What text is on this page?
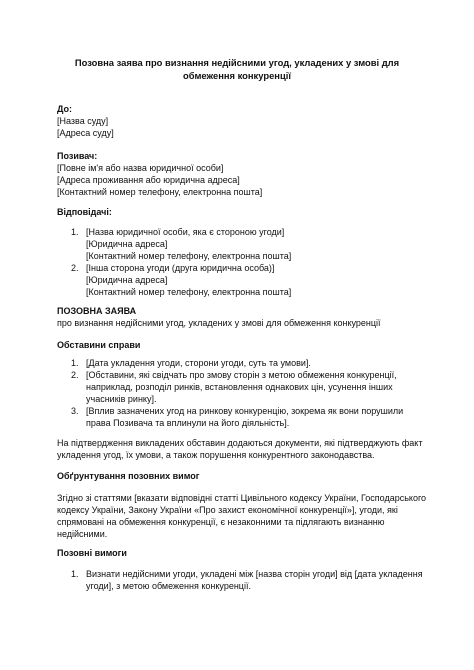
Позовна заява про визнання недійсними угод, укладених у змові для
обмеження конкуренції
До:
[Назва суду]
[Адреса суду]
Позивач:
[Повне ім'я або назва юридичної особи]
[Адреса проживання або юридична адреса]
[Контактний номер телефону, електронна пошта]
Відповідачі:
1. [Назва юридичної особи, яка є стороною угоди]
[Юридична адреса]
[Контактний номер телефону, електронна пошта]
2. [Інша сторона угоди (друга юридична особа)]
[Юридична адреса]
[Контактний номер телефону, електронна пошта]
ПОЗОВНА ЗАЯВА
про визнання недійсними угод, укладених у змові для обмеження конкуренції
Обставини справи
1. [Дата укладення угоди, сторони угоди, суть та умови].
2. [Обставини, які свідчать про змову сторін з метою обмеження конкуренції,
наприклад, розподіл ринків, встановлення однакових цін, усунення інших
учасників ринку].
3. [Вплив зазначених угод на ринкову конкуренцію, зокрема як вони порушили
права Позивача та вплинули на його діяльність].
На підтвердження викладених обставин додаються документи, які підтверджують факт
укладення угод, їх умови, а також порушення конкурентного законодавства.
Обґрунтування позовних вимог
Згідно зі статтями [вказати відповідні статті Цивільного кодексу України, Господарського
кодексу України, Закону України «Про захист економічної конкуренції»], угоди, які
спрямовані на обмеження конкуренції, є незаконними та підлягають визнанню
недійсними.
Позовні вимоги
1. Визнати недійсними угоди, укладені між [назва сторін угоди] від [дата укладення
угоди], з метою обмеження конкуренції.
